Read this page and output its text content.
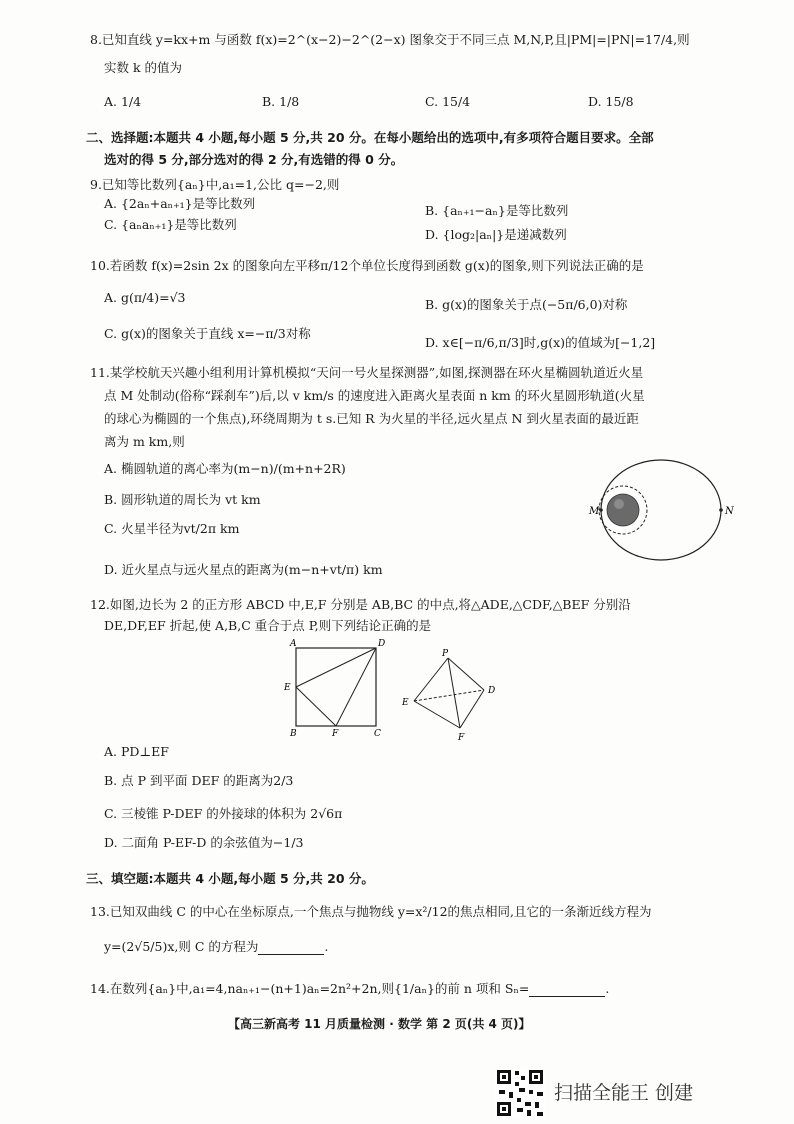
8.已知直线 y=kx+m 与函数 f(x)=2^(x−2)−2^(2−x) 图象交于不同三点 M,N,P,且|PM|=|PN|=17/4,则
实数 k 的值为
A. 1/4	B. 1/8	C. 15/4	D. 15/8
二、选择题:本题共 4 小题,每小题 5 分,共 20 分。在每小题给出的选项中,有多项符合题目要求。全部
选对的得 5 分,部分选对的得 2 分,有选错的得 0 分。
9.已知等比数列{aₙ}中,a₁=1,公比 q=−2,则
A. {2aₙ+aₙ₊₁}是等比数列	B. {aₙ₊₁−aₙ}是等比数列
C. {aₙaₙ₊₁}是等比数列
D. {log₂|aₙ|}是递减数列
10.若函数 f(x)=2sin 2x 的图象向左平移π/12个单位长度得到函数 g(x)的图象,则下列说法正确的是
A. g(π/4)=√3	B. g(x)的图象关于点(−5π/6,0)对称
C. g(x)的图象关于直线 x=−π/3对称
D. x∈[−π/6,π/3]时,g(x)的值域为[−1,2]
11.某学校航天兴趣小组利用计算机模拟“天问一号火星探测器”,如图,探测器在环火星椭圆轨道近火星
点 M 处制动(俗称“踩刹车”)后,以 v km/s 的速度进入距离火星表面 n km 的环火星圆形轨道(火星
的球心为椭圆的一个焦点),环绕周期为 t s.已知 R 为火星的半径,远火星点 N 到火星表面的最近距
离为 m km,则
A. 椭圆轨道的离心率为(m−n)/(m+n+2R)
B. 圆形轨道的周长为 vt km
C. 火星半径为vt/2π km
D. 近火星点与远火星点的距离为(m−n+vt/π) km
M	N
12.如图,边长为 2 的正方形 ABCD 中,E,F 分别是 AB,BC 的中点,将△ADE,△CDF,△BEF 分别沿
DE,DF,EF 折起,使 A,B,C 重合于点 P,则下列结论正确的是
A	D
E
B	F	C
P
E
D
F
A. PD⊥EF
B. 点 P 到平面 DEF 的距离为2/3
C. 三棱锥 P-DEF 的外接球的体积为 2√6π
D. 二面角 P-EF-D 的余弦值为−1/3
三、填空题:本题共 4 小题,每小题 5 分,共 20 分。
13.已知双曲线 C 的中心在坐标原点,一个焦点与抛物线 y=x²/12的焦点相同,且它的一条渐近线方程为
y=(2√5/5)x,则 C 的方程为	.
14.在数列{aₙ}中,a₁=4,naₙ₊₁−(n+1)aₙ=2n²+2n,则{1/aₙ}的前 n 项和 Sₙ=	.
【高三新高考 11 月质量检测 · 数学 第 2 页(共 4 页)】
扫描全能王 创建
